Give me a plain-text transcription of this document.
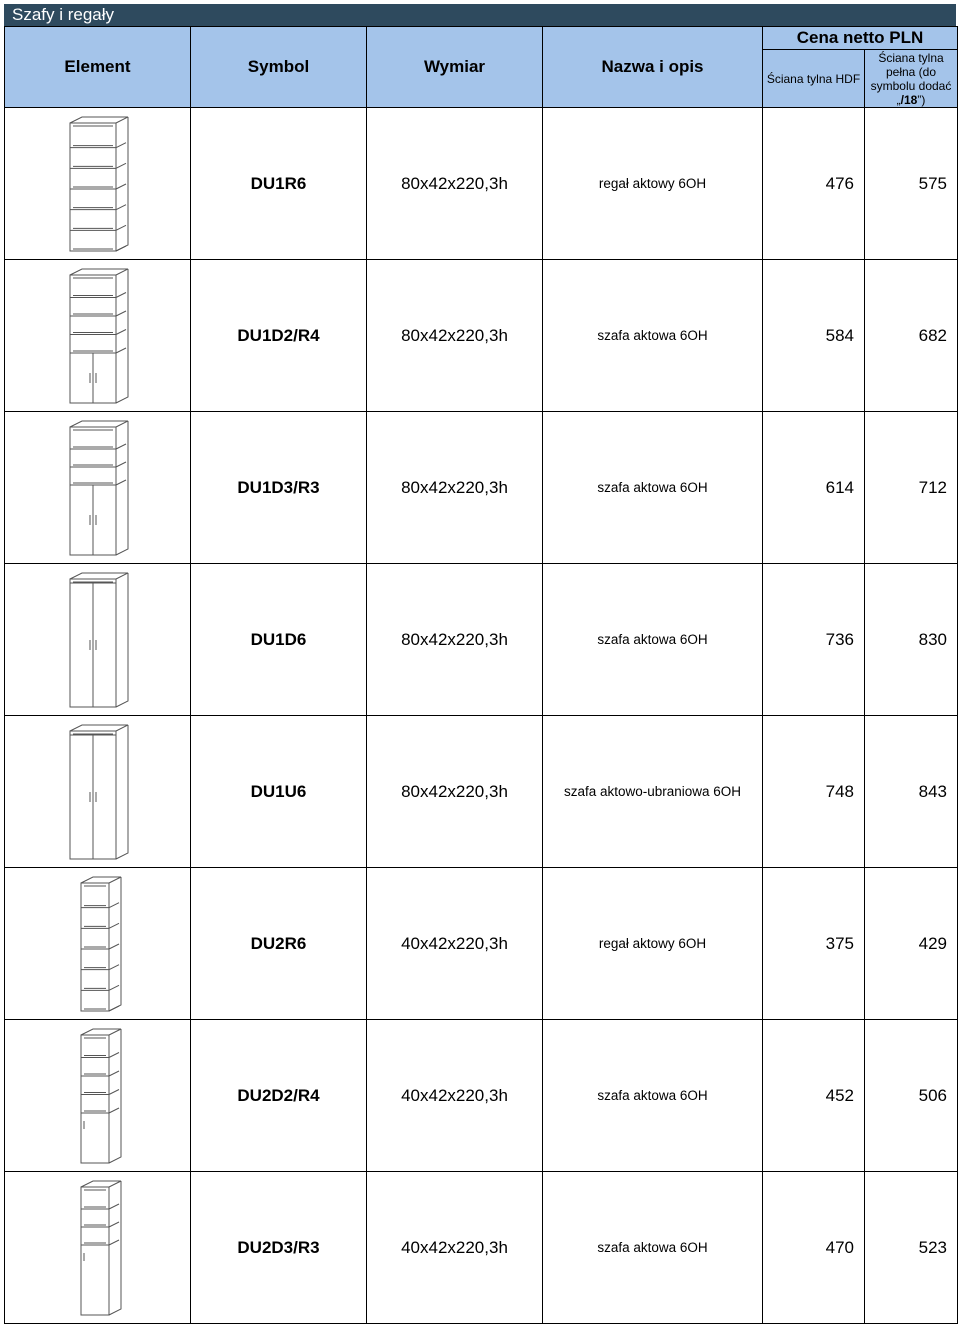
Szafy i regały
Element	Symbol	Wymiar	Nazwa i opis	Cena netto PLN	
				Ściana tylna HDF	Ściana tylna pełna (do symbolu dodać „/18”)

	DU1R6	80x42x220,3h	regał aktowy 6OH	476	575

	DU1D2/R4	80x42x220,3h	szafa aktowa 6OH	584	682

	DU1D3/R3	80x42x220,3h	szafa aktowa 6OH	614	712

	DU1D6	80x42x220,3h	szafa aktowa 6OH	736	830

	DU1U6	80x42x220,3h	szafa aktowo-ubraniowa 6OH	748	843

	DU2R6	40x42x220,3h	regał aktowy 6OH	375	429

	DU2D2/R4	40x42x220,3h	szafa aktowa 6OH	452	506

	DU2D3/R3	40x42x220,3h	szafa aktowa 6OH	470	523
